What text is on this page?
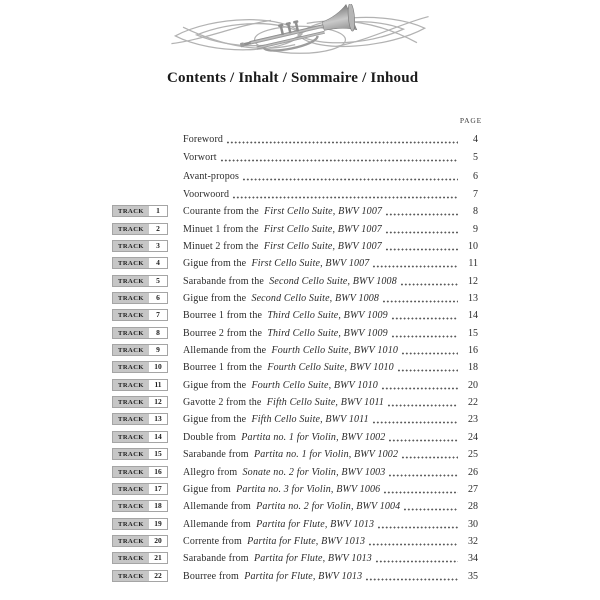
Contents / Inhalt / Sommaire / Inhoud
PAGE
Foreword	4
Vorwort	5
Avant-propos	6
Voorwoord	7
TRACK	1	Courante from the First Cello Suite, BWV 1007	8
TRACK	2	Minuet 1 from the First Cello Suite, BWV 1007	9
TRACK	3	Minuet 2 from the First Cello Suite, BWV 1007	10
TRACK	4	Gigue from the First Cello Suite, BWV 1007	11
TRACK	5	Sarabande from the Second Cello Suite, BWV 1008	12
TRACK	6	Gigue from the Second Cello Suite, BWV 1008	13
TRACK	7	Bourree 1 from the Third Cello Suite, BWV 1009	14
TRACK	8	Bourree 2 from the Third Cello Suite, BWV 1009	15
TRACK	9	Allemande from the Fourth Cello Suite, BWV 1010	16
TRACK	10	Bourree 1 from the Fourth Cello Suite, BWV 1010	18
TRACK	11	Gigue from the Fourth Cello Suite, BWV 1010	20
TRACK	12	Gavotte 2 from the Fifth Cello Suite, BWV 1011	22
TRACK	13	Gigue from the Fifth Cello Suite, BWV 1011	23
TRACK	14	Double from Partita no. 1 for Violin, BWV 1002	24
TRACK	15	Sarabande from Partita no. 1 for Violin, BWV 1002	25
TRACK	16	Allegro from Sonate no. 2 for Violin, BWV 1003	26
TRACK	17	Gigue from Partita no. 3 for Violin, BWV 1006	27
TRACK	18	Allemande from Partita no. 2 for Violin, BWV 1004	28
TRACK	19	Allemande from Partita for Flute, BWV 1013	30
TRACK	20	Corrente from Partita for Flute, BWV 1013	32
TRACK	21	Sarabande from Partita for Flute, BWV 1013	34
TRACK	22	Bourree from Partita for Flute, BWV 1013	35
